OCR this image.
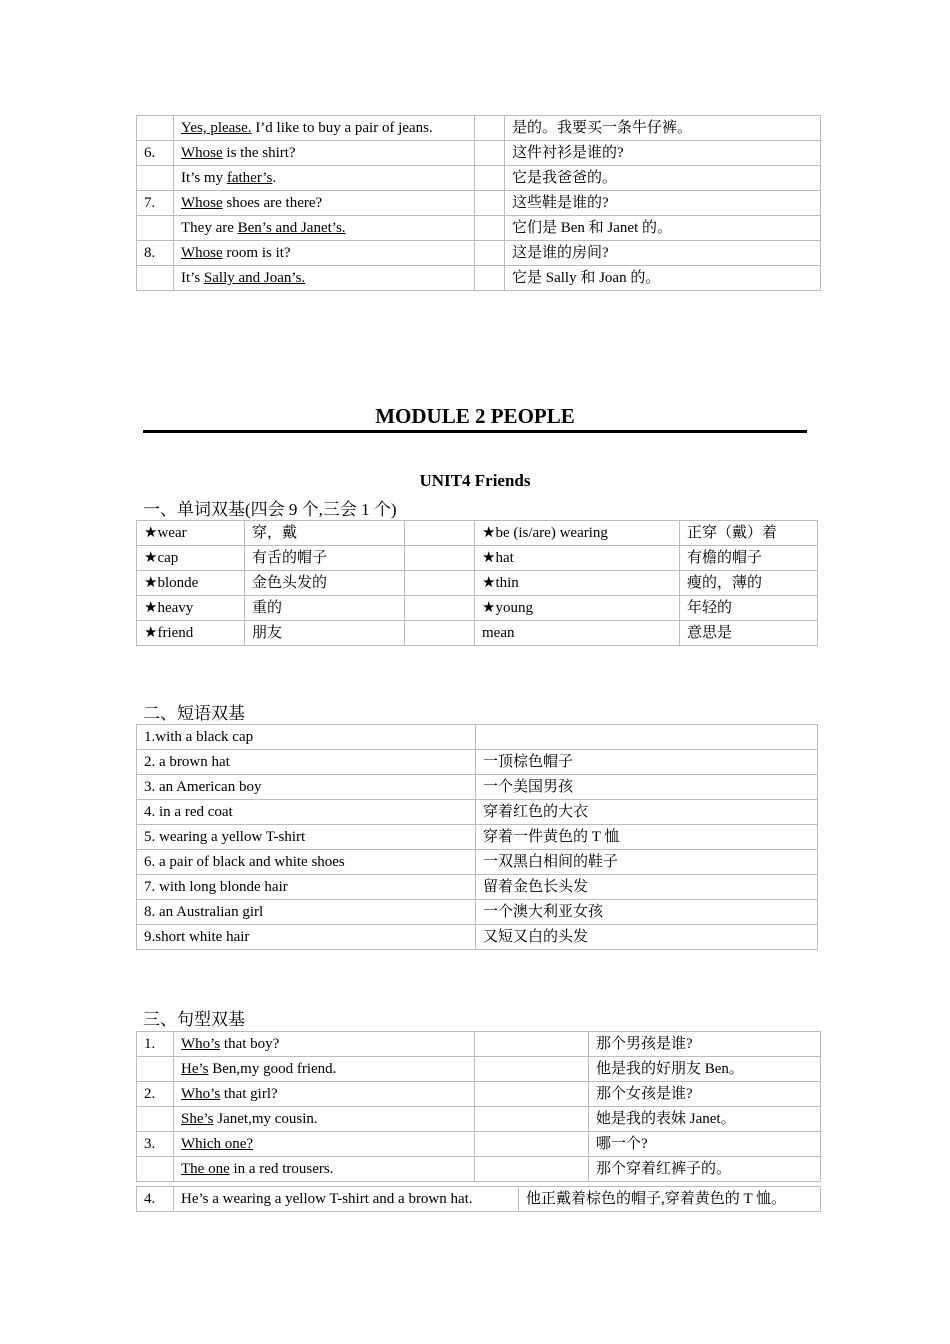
	Yes, please. I’d like to buy a pair of jeans.		是的。我要买一条牛仔裤。
6.	Whose is the shirt?		这件衬衫是谁的?
	It’s my father’s.		它是我爸爸的。
7.	Whose shoes are there?		这些鞋是谁的?
	They are Ben’s and Janet’s.		它们是 Ben 和 Janet 的。
8.	Whose room is it?		这是谁的房间?
	It’s Sally and Joan’s.		它是 Sally 和 Joan 的。
MODULE 2 PEOPLE
UNIT4 Friends
一、单词双基(四会 9 个,三会 1 个)
★wear	穿，戴		★be (is/are) wearing	正穿（戴）着
★cap	有舌的帽子		★hat	有檐的帽子
★blonde	金色头发的		★thin	瘦的，薄的
★heavy	重的		★young	年轻的
★friend	朋友		mean	意思是
二、短语双基
1.with a black cap	
2. a brown hat	一顶棕色帽子
3. an American boy	一个美国男孩
4. in a red coat	穿着红色的大衣
5. wearing a yellow T-shirt	穿着一件黄色的 T 恤
6. a pair of black and white shoes	一双黑白相间的鞋子
7. with long blonde hair	留着金色长头发
8. an Australian girl	一个澳大利亚女孩
9.short white hair	又短又白的头发
三、句型双基
1.	Who’s that boy?		那个男孩是谁?
	He’s Ben,my good friend.		他是我的好朋友 Ben。
2.	Who’s that girl?		那个女孩是谁?
	She’s Janet,my cousin.		她是我的表妹 Janet。
3.	Which one?		哪一个?
	The one in a red trousers.		那个穿着红裤子的。
4.	He’s a wearing a yellow T-shirt and a brown hat.	他正戴着棕色的帽子,穿着黄色的 T 恤。
